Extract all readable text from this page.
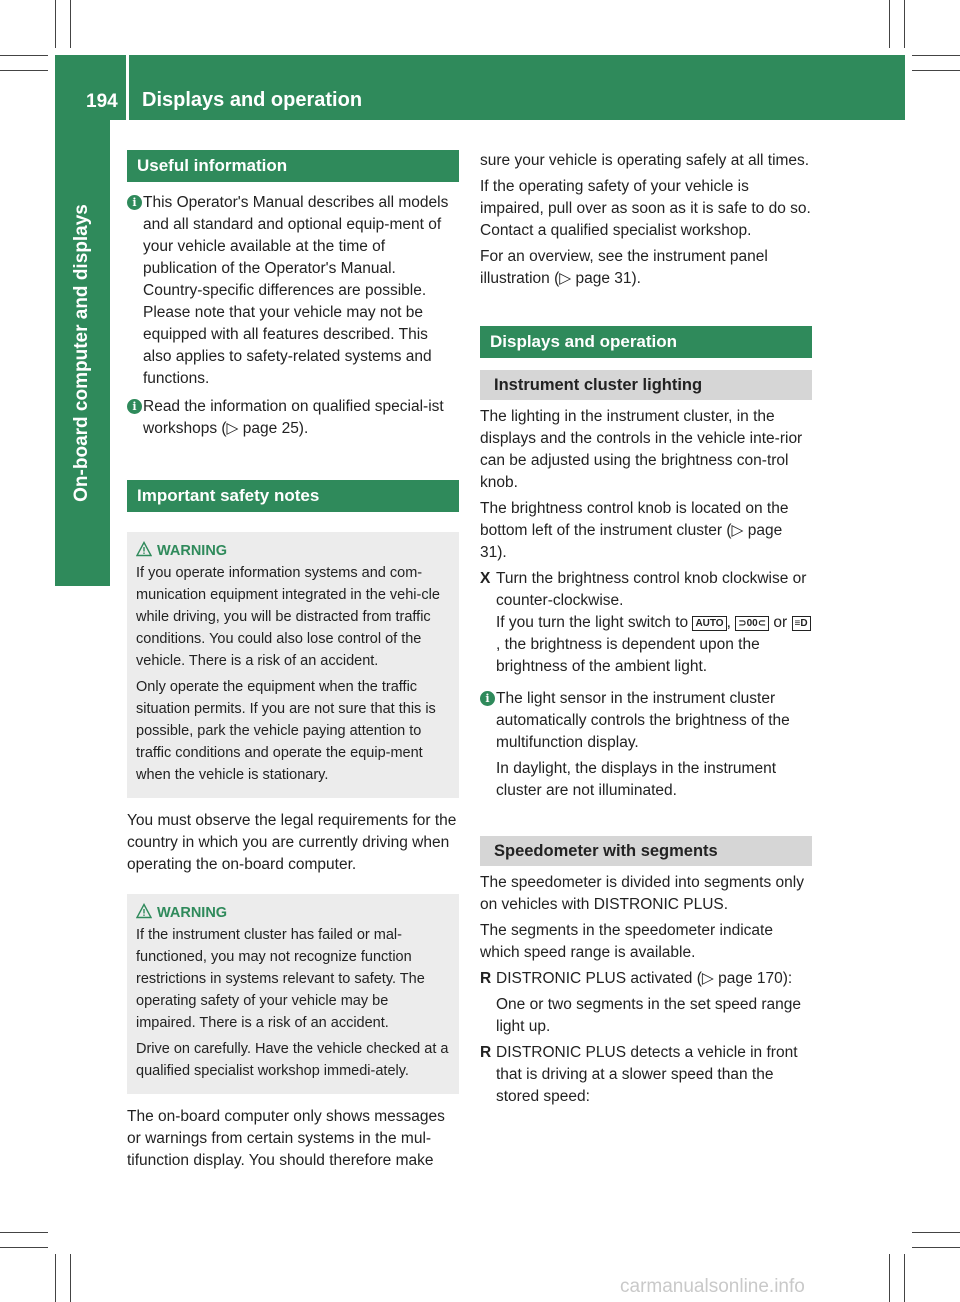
194 Displays and operation
On-board computer and displays
Useful information
i This Operator's Manual describes all models and all standard and optional equip-ment of your vehicle available at the time of publication of the Operator's Manual. Country-specific differences are possible. Please note that your vehicle may not be equipped with all features described. This also applies to safety-related systems and functions.
i Read the information on qualified special-ist workshops (▷ page 25).
Important safety notes
WARNING

If you operate information systems and com-munication equipment integrated in the vehi-cle while driving, you will be distracted from traffic conditions. You could also lose control of the vehicle. There is a risk of an accident.

Only operate the equipment when the traffic situation permits. If you are not sure that this is possible, park the vehicle paying attention to traffic conditions and operate the equip-ment when the vehicle is stationary.

You must observe the legal requirements for the country in which you are currently driving when operating the on-board computer.

WARNING

If the instrument cluster has failed or mal-functioned, you may not recognize function restrictions in systems relevant to safety. The operating safety of your vehicle may be impaired. There is a risk of an accident.

Drive on carefully. Have the vehicle checked at a qualified specialist workshop immedi-ately.

The on-board computer only shows messages or warnings from certain systems in the mul-tifunction display. You should therefore make

sure your vehicle is operating safely at all times.

If the operating safety of your vehicle is impaired, pull over as soon as it is safe to do so. Contact a qualified specialist workshop.

For an overview, see the instrument panel illustration (▷ page 31).

Displays and operation
Instrument cluster lighting

The lighting in the instrument cluster, in the displays and the controls in the vehicle inte-rior can be adjusted using the brightness con-trol knob.

The brightness control knob is located on the bottom left of the instrument cluster (▷ page 31).

X Turn the brightness control knob clockwise or counter-clockwise.
If you turn the light switch to AUTO , ⊃00⊂ or ≡D, the brightness is dependent upon the brightness of the ambient light.
i The light sensor in the instrument cluster automatically controls the brightness of the multifunction display.

In daylight, the displays in the instrument cluster are not illuminated.

Speedometer with segments

The speedometer is divided into segments only on vehicles with DISTRONIC PLUS.

The segments in the speedometer indicate which speed range is available.

R DISTRONIC PLUS activated (▷ page 170):

One or two segments in the set speed range light up.

R DISTRONIC PLUS detects a vehicle in front that is driving at a slower speed than the stored speed:

carmanualsonline.info
